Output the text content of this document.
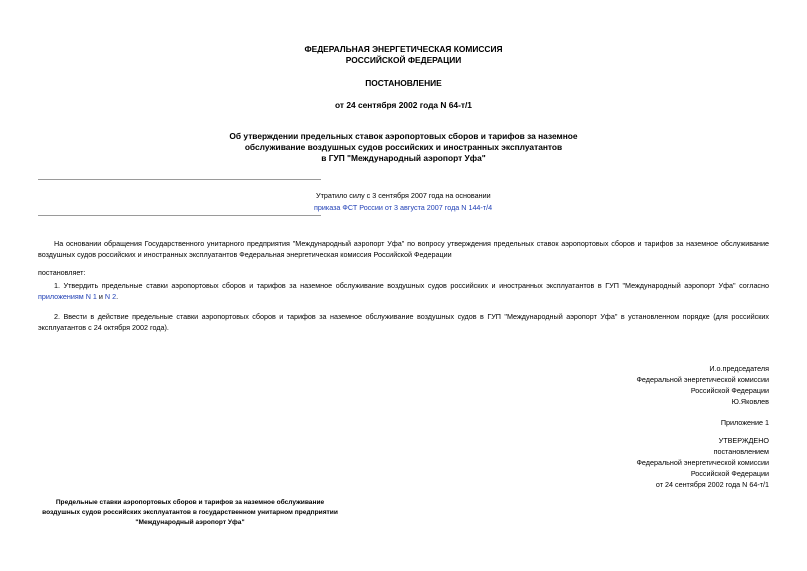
ФЕДЕРАЛЬНАЯ ЭНЕРГЕТИЧЕСКАЯ КОМИССИЯ
РОССИЙСКОЙ ФЕДЕРАЦИИ
ПОСТАНОВЛЕНИЕ
от 24 сентября 2002 года N 64-т/1
Об утверждении предельных ставок аэропортовых сборов и тарифов за наземное
обслуживание воздушных судов российских и иностранных эксплуатантов
в ГУП "Международный аэропорт Уфа"
Утратило силу с 3 сентября 2007 года на основании
приказа ФСТ России от 3 августа 2007 года N 144-т/4
На основании обращения Государственного унитарного предприятия "Международный аэропорт Уфа" по вопросу утверждения предельных ставок аэропортовых сборов и тарифов за наземное обслуживание воздушных судов российских и иностранных эксплуатантов Федеральная энергетическая комиссия Российской Федерации
постановляет:
1. Утвердить предельные ставки аэропортовых сборов и тарифов за наземное обслуживание воздушных судов российских и иностранных эксплуатантов в ГУП "Международный аэропорт Уфа" согласно приложениям N 1 и N 2.
2. Ввести в действие предельные ставки аэропортовых сборов и тарифов за наземное обслуживание воздушных судов в ГУП "Международный аэропорт Уфа" в установленном порядке (для российских эксплуатантов с 24 октября 2002 года).
И.о.председателя
Федеральной энергетической комиссии
Российской Федерации
Ю.Яковлев
Приложение 1
УТВЕРЖДЕНО
постановлением
Федеральной энергетической комиссии
Российской Федерации
от 24 сентября 2002 года N 64-т/1
Предельные ставки аэропортовых сборов и тарифов за наземное обслуживание
воздушных судов российских эксплуатантов в государственном унитарном предприятии
"Международный аэропорт Уфа"
